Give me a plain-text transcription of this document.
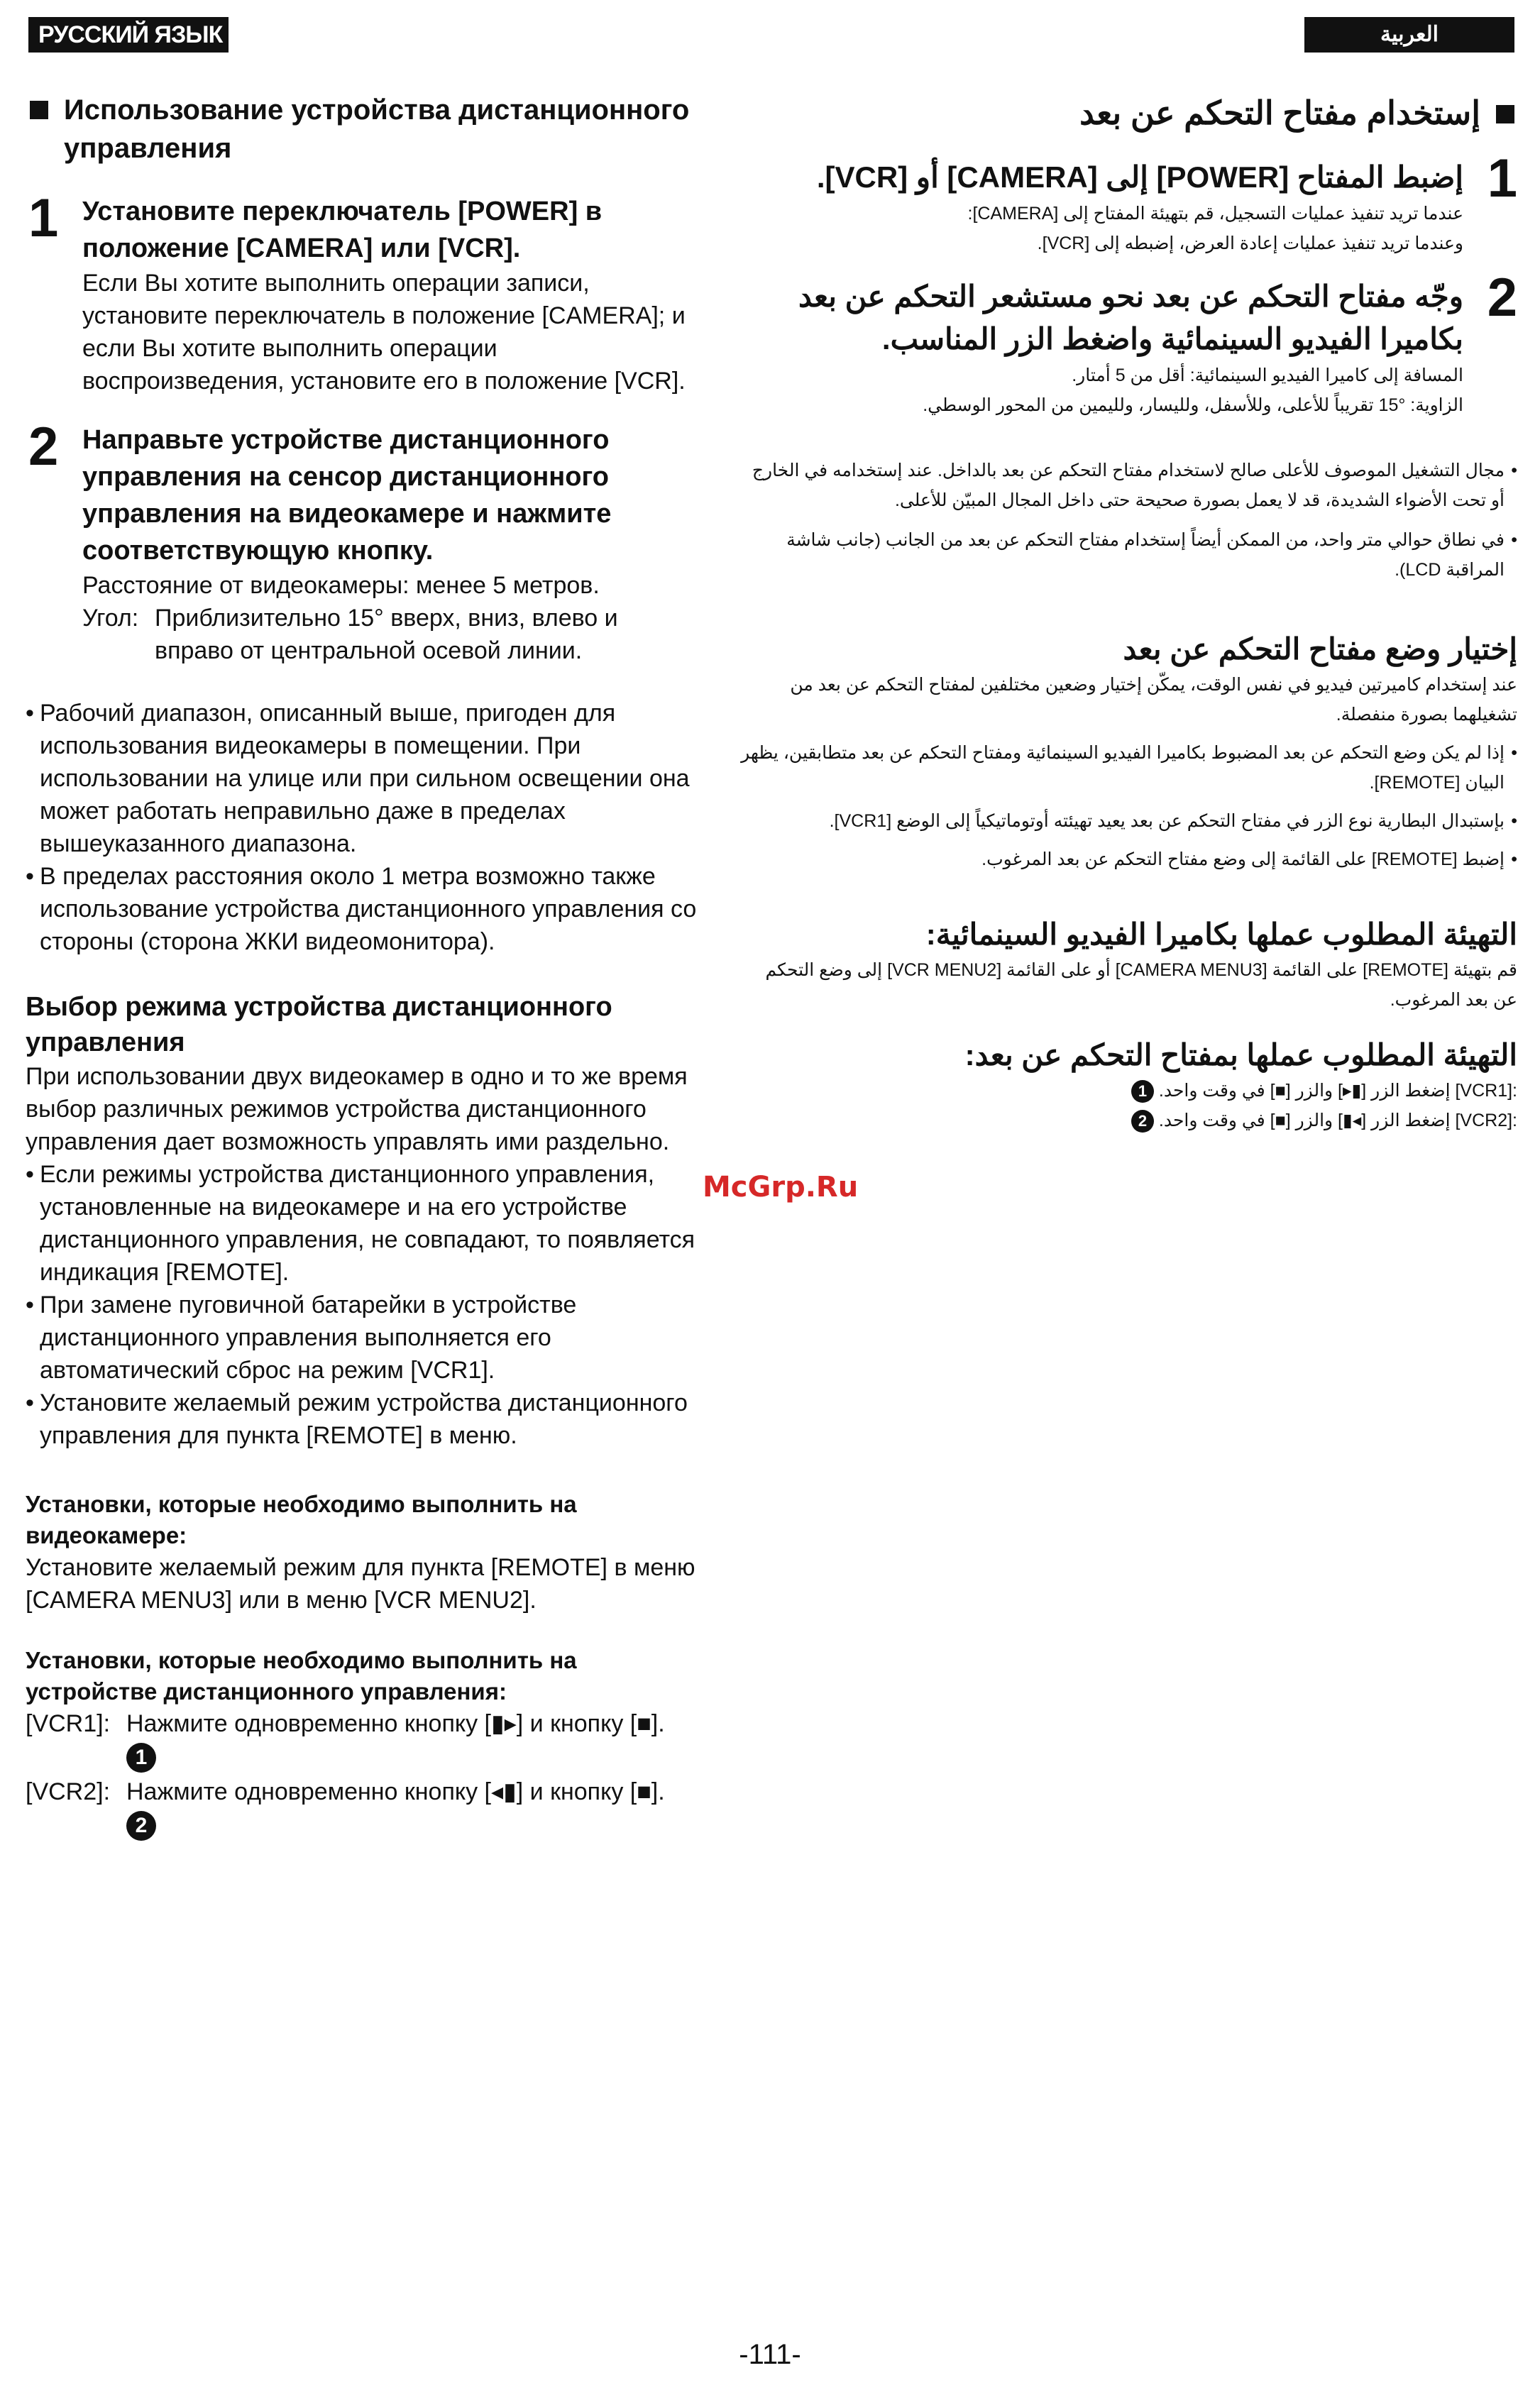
РУССКИЙ ЯЗЫК	العربية
Использование устройства дистанционного управления
1 Установите переключатель [POWER] в положение [CAMERA] или [VCR].
Если Вы хотите выполнить операции записи, установите переключатель в положение [CAMERA]; и если Вы хотите выполнить операции воспроизведения, установите его в положение [VCR].
2 Направьте устройстве дистанционного управления на сенсор дистанционного управления на видеокамере и нажмите соответствующую кнопку.
Расстояние от видеокамеры: менее 5 метров.
Угол: Приблизительно 15° вверх, вниз, влево и вправо от центральной осевой линии.
• Рабочий диапазон, описанный выше, пригоден для использования видеокамеры в помещении. При использовании на улице или при сильном освещении она может работать неправильно даже в пределах вышеуказанного диапазона.
• В пределах расстояния около 1 метра возможно также использование устройства дистанционного управления со стороны (сторона ЖКИ видеомонитора).
Выбор режима устройства дистанционного управления
При использовании двух видеокамер в одно и то же время выбор различных режимов устройства дистанционного управления дает возможность управлять ими раздельно.
• Если режимы устройства дистанционного управления, установленные на видеокамере и на его устройстве дистанционного управления, не совпадают, то появляется индикация [REMOTE].
• При замене пуговичной батарейки в устройстве дистанционного управления выполняется его автоматический сброс на режим [VCR1].
• Установите желаемый режим устройства дистанционного управления для пункта [REMOTE] в меню.
Установки, которые необходимо выполнить на видеокамере:
Установите желаемый режим для пункта [REMOTE] в меню [CAMERA MENU3] или в меню [VCR MENU2].
Установки, которые необходимо выполнить на устройстве дистанционного управления:
[VCR1]: Нажмите одновременно кнопку [▮▸] и кнопку [■]. 1
[VCR2]: Нажмите одновременно кнопку [◂▮] и кнопку [■]. 2
إستخدام مفتاح التحكم عن بعد
1
إضبط المفتاح [POWER] إلى [CAMERA] أو [VCR].
عندما تريد تنفيذ عمليات التسجيل، قم بتهيئة المفتاح إلى [CAMERA]:
وعندما تريد تنفيذ عمليات إعادة العرض، إضبطه إلى [VCR].
2
وجّه مفتاح التحكم عن بعد نحو مستشعر التحكم عن بعد بكاميرا الفيديو السينمائية واضغط الزر المناسب.
المسافة إلى كاميرا الفيديو السينمائية: أقل من 5 أمتار.
الزاوية: °15 تقريباً للأعلى، وللأسفل، ولليسار، ولليمين من المحور الوسطي.
• مجال التشغيل الموصوف للأعلى صالح لاستخدام مفتاح التحكم عن بعد بالداخل. عند إستخدامه في الخارج أو تحت الأضواء الشديدة، قد لا يعمل بصورة صحيحة حتى داخل المجال المبيّن للأعلى.
• في نطاق حوالي متر واحد، من الممكن أيضاً إستخدام مفتاح التحكم عن بعد من الجانب (جانب شاشة المراقبة LCD).
إختيار وضع مفتاح التحكم عن بعد
عند إستخدام كاميرتين فيديو في نفس الوقت، يمكّن إختيار وضعين مختلفين لمفتاح التحكم عن بعد من تشغيلهما بصورة منفصلة.
• إذا لم يكن وضع التحكم عن بعد المضبوط بكاميرا الفيديو السينمائية ومفتاح التحكم عن بعد متطابقين، يظهر البيان [REMOTE].
• بإستبدال البطارية نوع الزر في مفتاح التحكم عن بعد يعيد تهيئته أوتوماتيكياً إلى الوضع [VCR1].
• إضبط [REMOTE] على القائمة إلى وضع مفتاح التحكم عن بعد المرغوب.
التهيئة المطلوب عملها بكاميرا الفيديو السينمائية:
قم بتهيئة [REMOTE] على القائمة [CAMERA MENU3] أو على القائمة [VCR MENU2] إلى وضع التحكم عن بعد المرغوب.
التهيئة المطلوب عملها بمفتاح التحكم عن بعد:
[VCR1]: إضغط الزر [▮▸] والزر [■] في وقت واحد. 1
[VCR2]: إضغط الزر [◂▮] والزر [■] في وقت واحد. 2
McGrp.Ru
-111-
